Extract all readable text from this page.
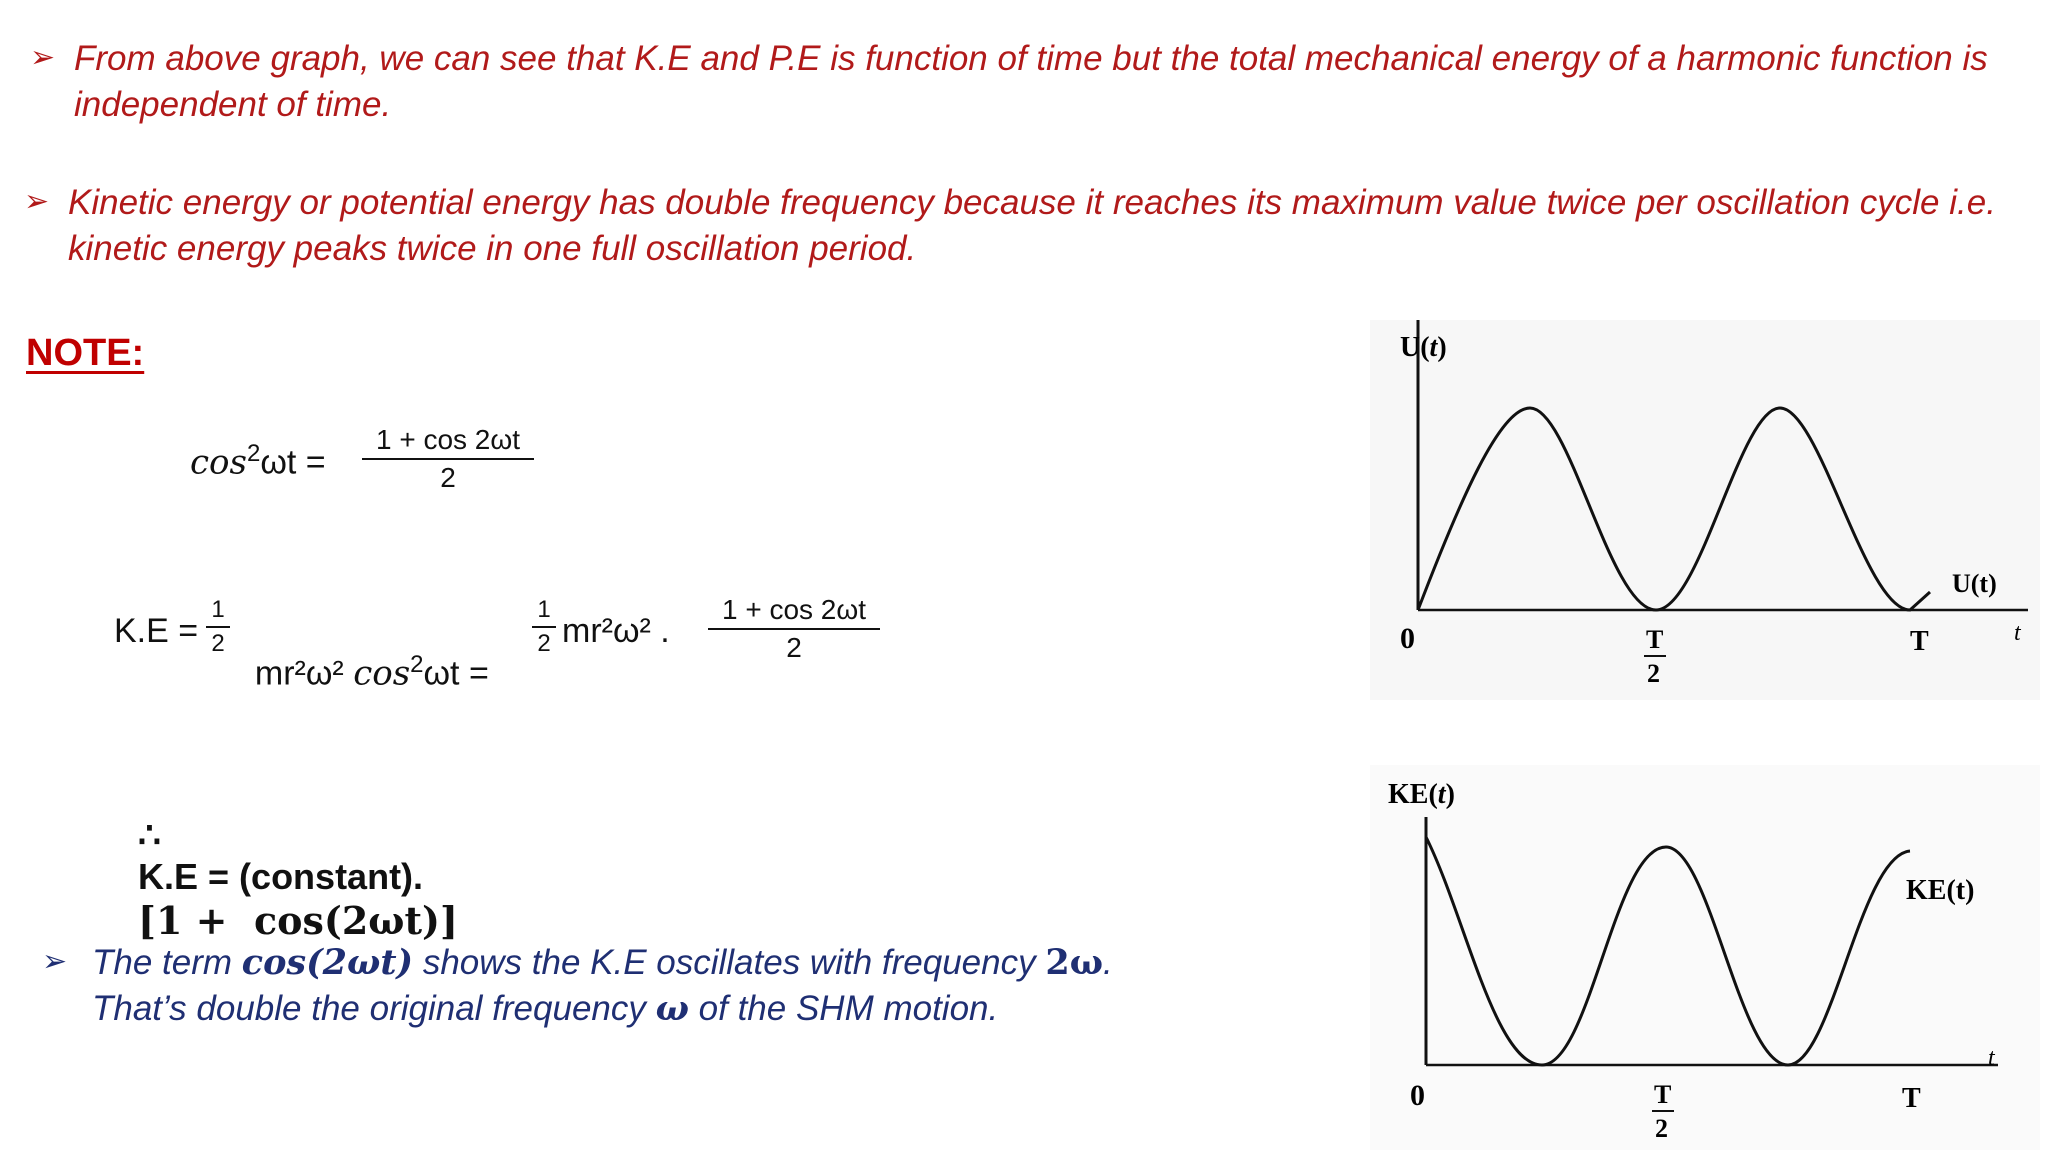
➢ From above graph, we can see that K.E and P.E is function of time but the total mechanical energy of a harmonic function is
independent of time.
➢ Kinetic energy or potential energy has double frequency because it reaches its maximum value twice per oscillation cycle i.e.
kinetic energy peaks twice in one full oscillation period.
NOTE:
$\cos^2\omega t$ =
1 + cos 2ωt
2
K.E =
1
2

mr²ω² $\cos^2\omega t$ =

1
2 mr²ω² .
1 + cos 2ωt
2

∴
K.E = (constant).
[1 +  cos(2ωt)]

➢ The term cos(2ωt) shows the K.E oscillates with frequency 2ω.
That’s double the original frequency ω of the SHM motion.
U(t)
0	T
2
T
U(t)
t
KE(t)
0	T
2
T
KE(t)
t
